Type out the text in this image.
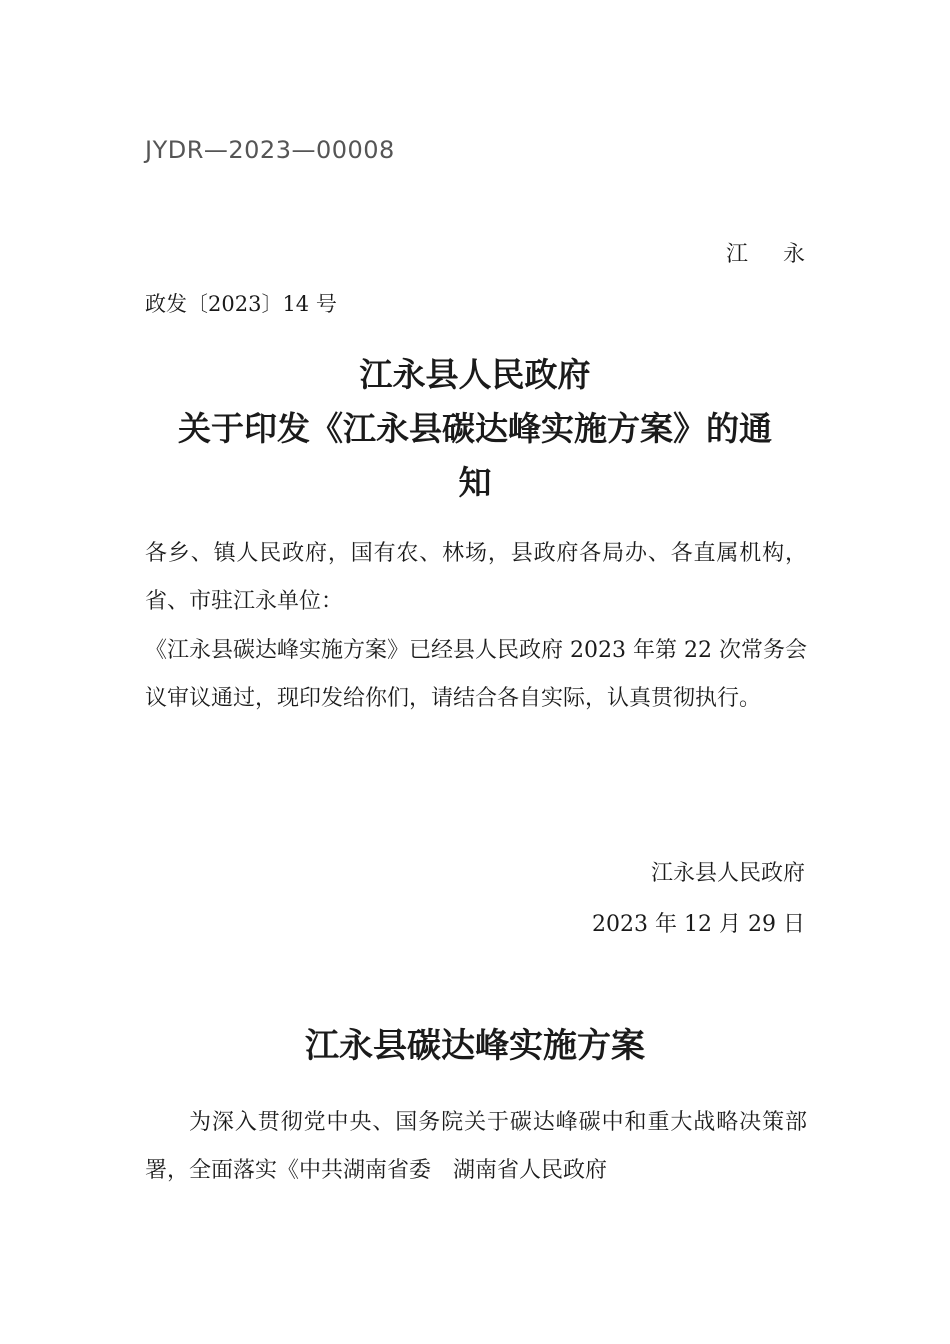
JYDR—2023—00008
江 永
政发〔2023〕14 号
江永县人民政府
关于印发《江永县碳达峰实施方案》的通
知
各乡、镇人民政府，国有农、林场，县政府各局办、各直属机构，省、市驻江永单位：
《江永县碳达峰实施方案》已经县人民政府 2023 年第 22 次常务会议审议通过，现印发给你们，请结合各自实际，认真贯彻执行。
江永县人民政府
2023 年 12 月 29 日
江永县碳达峰实施方案
为深入贯彻党中央、国务院关于碳达峰碳中和重大战略决策部署，全面落实《中共湖南省委　湖南省人民政府
